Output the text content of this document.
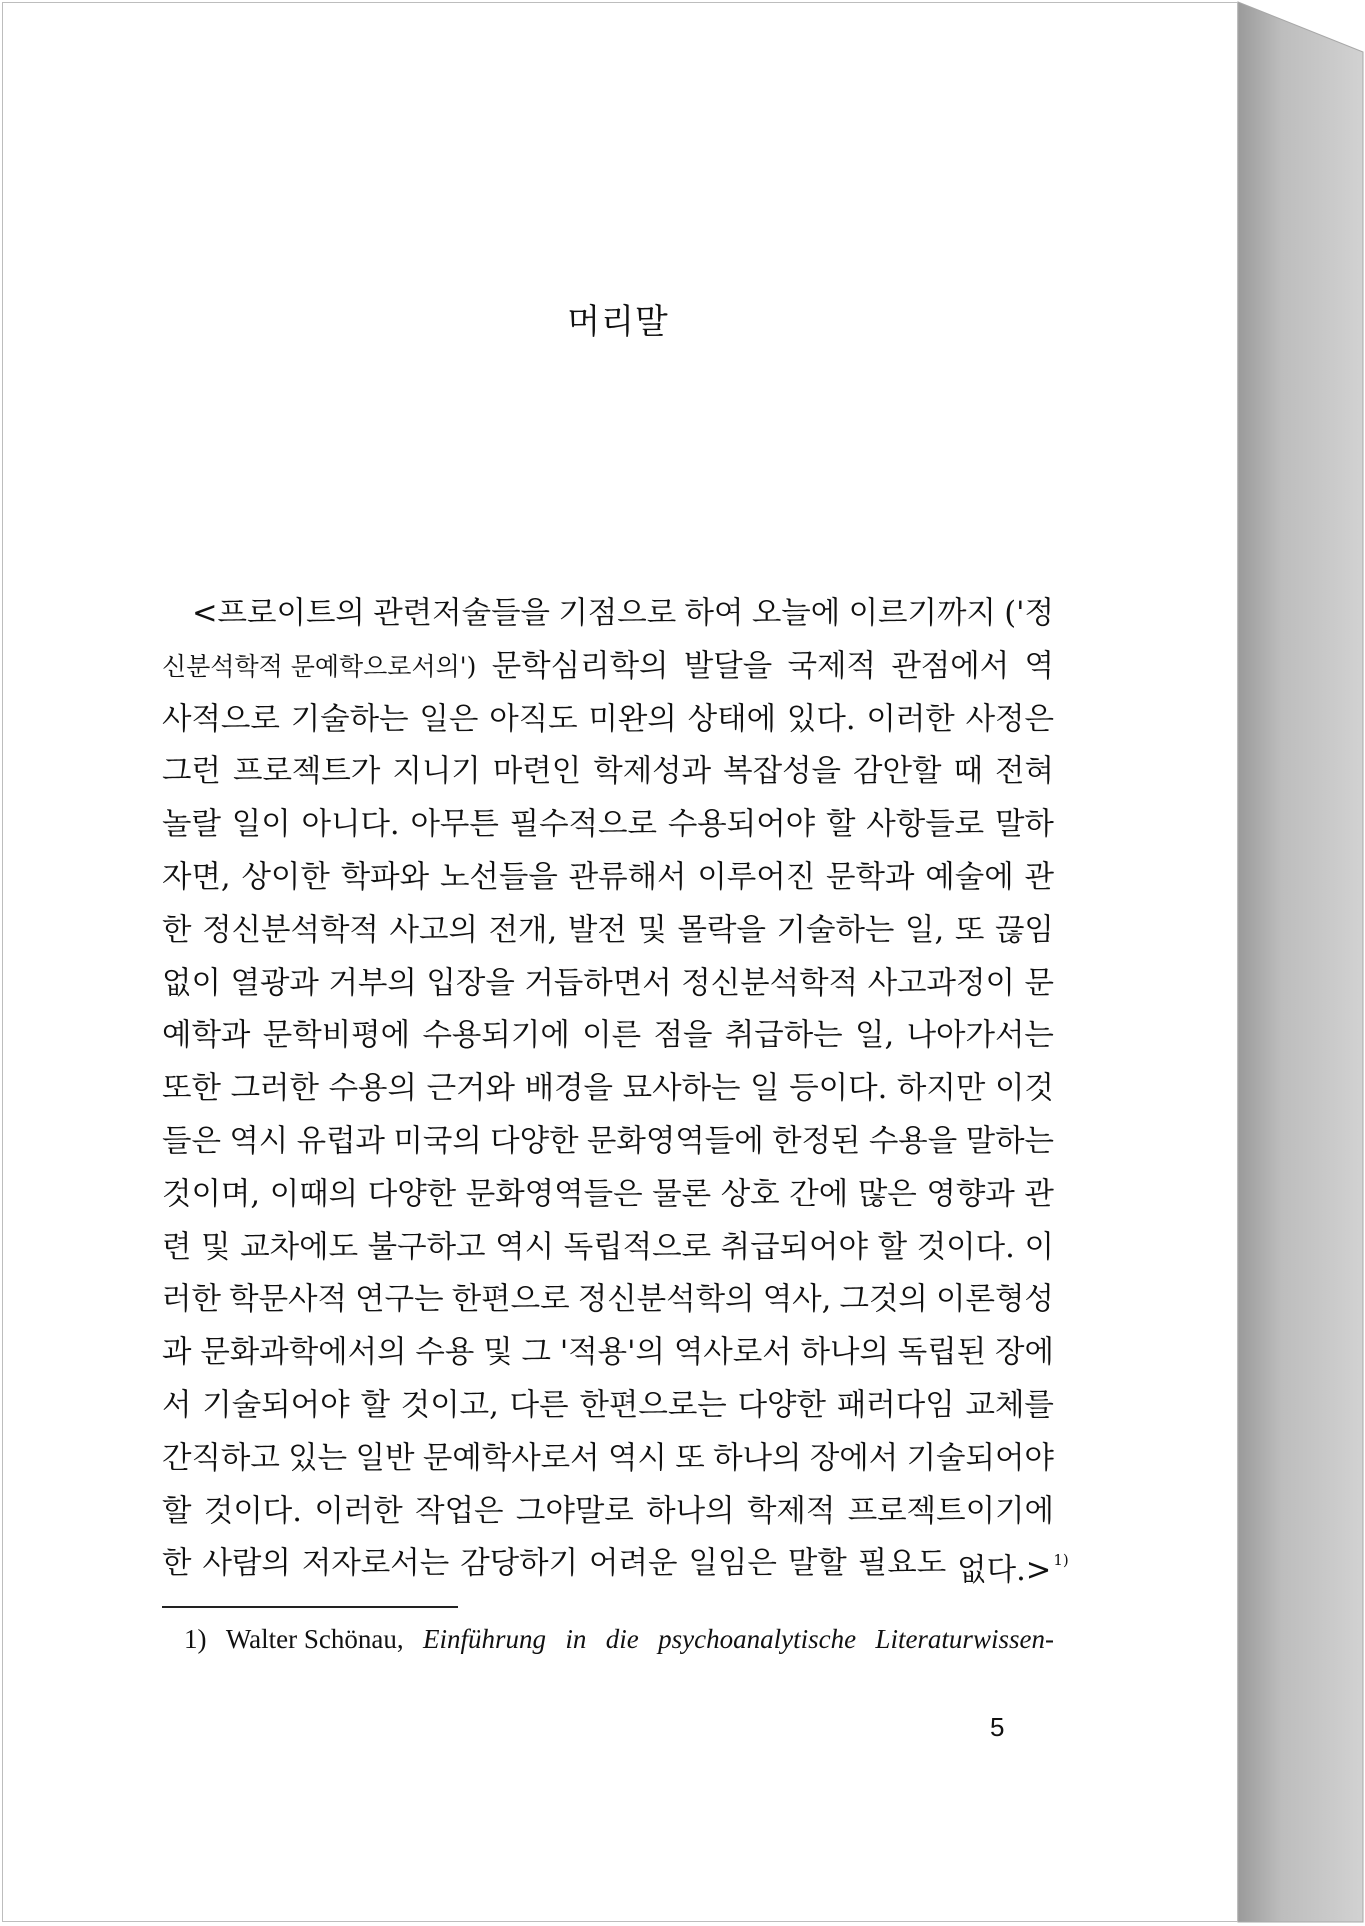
머리말
<프로이트의 관련저술들을 기점으로 하여 오늘에 이르기까지 ('정
신분석학적 문예학으로서의') 문학심리학의 발달을 국제적 관점에서 역
사적으로 기술하는 일은 아직도 미완의 상태에 있다. 이러한 사정은
그런 프로젝트가 지니기 마련인 학제성과 복잡성을 감안할 때 전혀
놀랄 일이 아니다. 아무튼 필수적으로 수용되어야 할 사항들로 말하
자면, 상이한 학파와 노선들을 관류해서 이루어진 문학과 예술에 관
한 정신분석학적 사고의 전개, 발전 및 몰락을 기술하는 일, 또 끊임
없이 열광과 거부의 입장을 거듭하면서 정신분석학적 사고과정이 문
예학과 문학비평에 수용되기에 이른 점을 취급하는 일, 나아가서는
또한 그러한 수용의 근거와 배경을 묘사하는 일 등이다. 하지만 이것
들은 역시 유럽과 미국의 다양한 문화영역들에 한정된 수용을 말하는
것이며, 이때의 다양한 문화영역들은 물론 상호 간에 많은 영향과 관
련 및 교차에도 불구하고 역시 독립적으로 취급되어야 할 것이다. 이
러한 학문사적 연구는 한편으로 정신분석학의 역사, 그것의 이론형성
과 문화과학에서의 수용 및 그 '적용'의 역사로서 하나의 독립된 장에
서 기술되어야 할 것이고, 다른 한편으로는 다양한 패러다임 교체를
간직하고 있는 일반 문예학사로서 역시 또 하나의 장에서 기술되어야
할 것이다. 이러한 작업은 그야말로 하나의 학제적 프로젝트이기에
한 사람의 저자로서는 감당하기 어려운 일임은 말할 필요도 없다.> $^{1)}$
1) Walter Schönau, Einführung in die psychoanalytische Literaturwissen-
5
